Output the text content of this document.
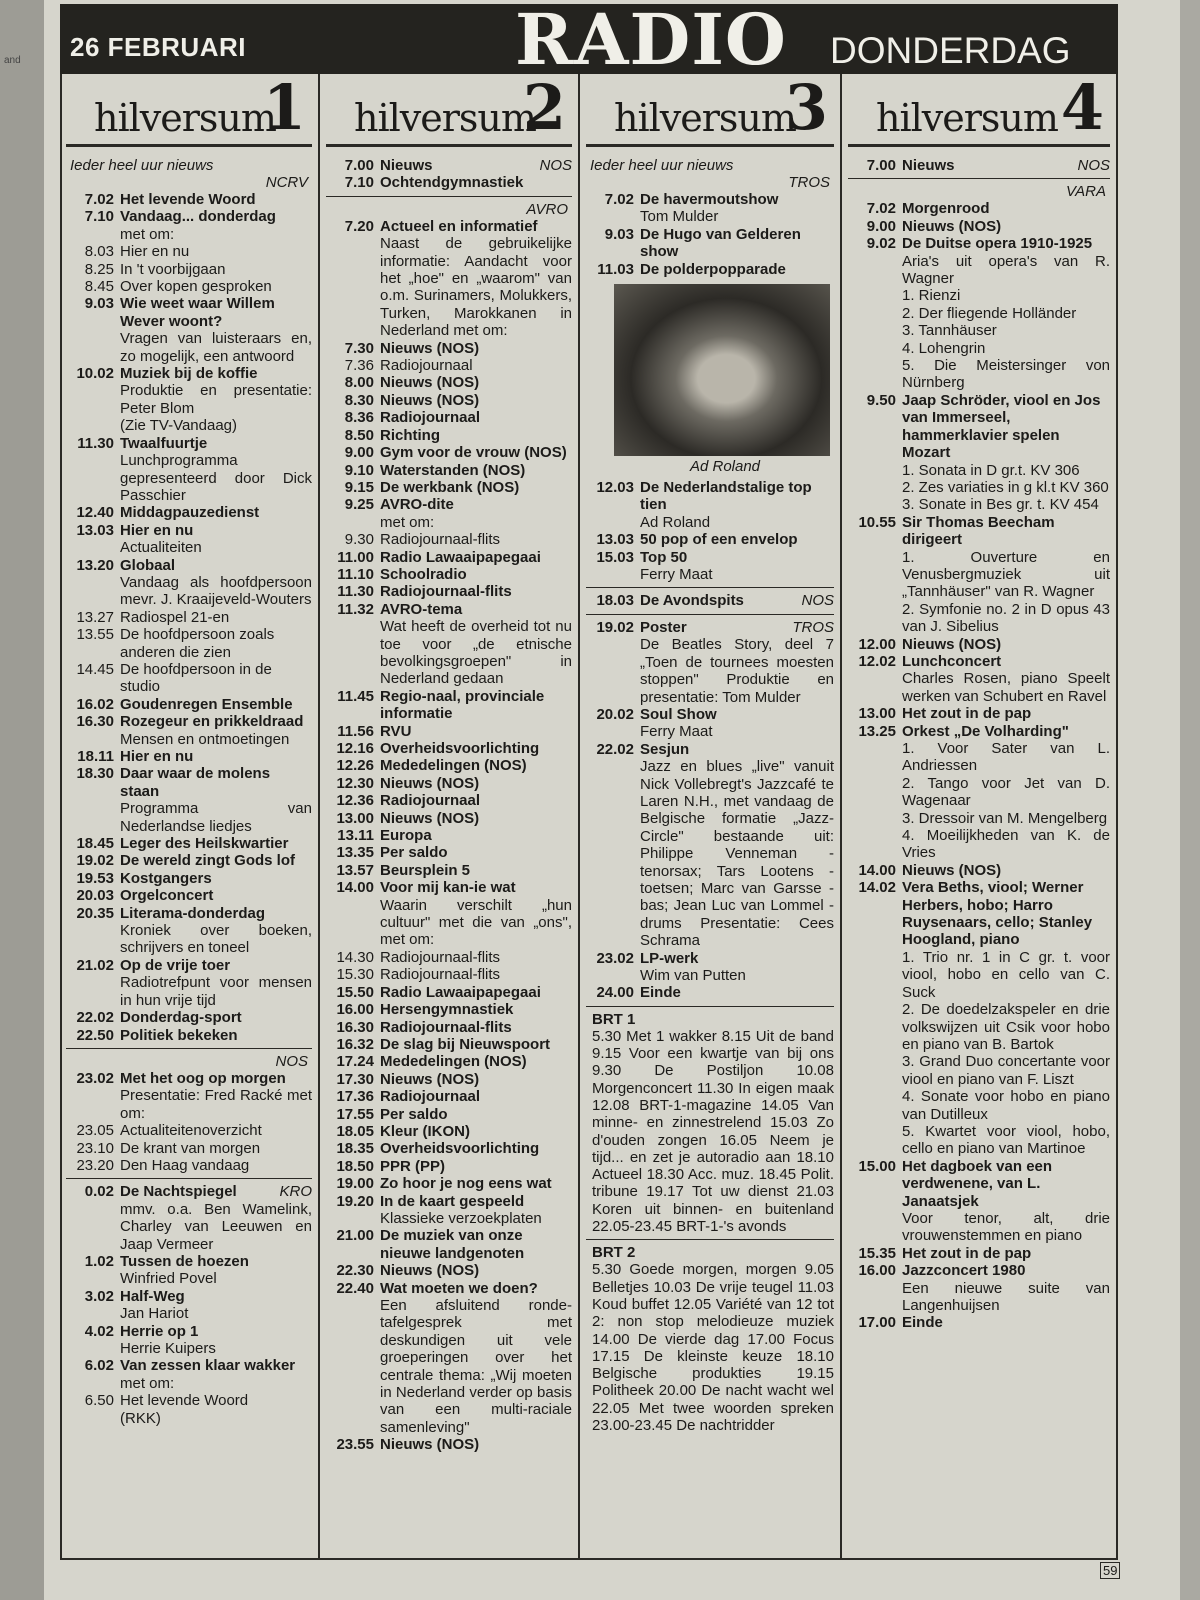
and 26 FEBRUARI	RADIO DONDERDAG
hilversum
1
Ieder heel uur nieuws
NCRV
7.02 Het levende Woord
7.10 Vandaag... donderdag
met om:
8.03 Hier en nu
8.25 In 't voorbijgaan
8.45 Over kopen gesproken
9.03 Wie weet waar Willem Wever woont?
Vragen van luisteraars en, zo mogelijk, een antwoord
10.02 Muziek bij de koffie
Produktie en presentatie: Peter Blom
(Zie TV-Vandaag)
11.30 Twaalfuurtje
Lunchprogramma gepresenteerd door Dick Passchier
12.40 Middagpauzedienst
13.03 Hier en nu
Actualiteiten
13.20 Globaal
Vandaag als hoofdpersoon mevr. J. Kraaijeveld-Wouters
13.27 Radiospel 21-en
13.55 De hoofdpersoon zoals anderen die zien
14.45 De hoofdpersoon in de studio
16.02 Goudenregen Ensemble
16.30 Rozegeur en prikkeldraad
Mensen en ontmoetingen
18.11 Hier en nu
18.30 Daar waar de molens staan
Programma van Nederlandse liedjes
18.45 Leger des Heilskwartier
19.02 De wereld zingt Gods lof
19.53 Kostgangers
20.03 Orgelconcert
20.35 Literama-donderdag
Kroniek over boeken, schrijvers en toneel
21.02 Op de vrije toer
Radiotrefpunt voor mensen in hun vrije tijd
22.02 Donderdag-sport
22.50 Politiek bekeken
NOS
23.02 Met het oog op morgen
Presentatie: Fred Racké met om:
23.05 Actualiteitenoverzicht
23.10 De krant van morgen
23.20 Den Haag vandaag
0.02 De Nachtspiegel	KRO
mmv. o.a. Ben Wamelink, Charley van Leeuwen en Jaap Vermeer
1.02 Tussen de hoezen
Winfried Povel
3.02 Half-Weg
Jan Hariot
4.02 Herrie op 1
Herrie Kuipers
6.02 Van zessen klaar wakker
met om:
6.50 Het levende Woord
(RKK)
hilversum
2
7.00 Nieuws	NOS
7.10 Ochtendgymnastiek
AVRO
7.20 Actueel en informatief
Naast de gebruikelijke informatie: Aandacht voor het „hoe" en „waarom" van o.m. Surinamers, Molukkers, Turken, Marokkanen in Nederland met om:
7.30 Nieuws (NOS)
7.36 Radiojournaal
8.00 Nieuws (NOS)
8.30 Nieuws (NOS)
8.36 Radiojournaal
8.50 Richting
9.00 Gym voor de vrouw (NOS)
9.10 Waterstanden (NOS)
9.15 De werkbank (NOS)
9.25 AVRO-dite
met om:
9.30 Radiojournaal-flits
11.00 Radio Lawaaipapegaai
11.10 Schoolradio
11.30 Radiojournaal-flits
11.32 AVRO-tema
Wat heeft de overheid tot nu toe voor „de etnische bevolkingsgroepen" in Nederland gedaan
11.45 Regio-naal, provinciale informatie
11.56 RVU
12.16 Overheidsvoorlichting
12.26 Mededelingen (NOS)
12.30 Nieuws (NOS)
12.36 Radiojournaal
13.00 Nieuws (NOS)
13.11 Europa
13.35 Per saldo
13.57 Beursplein 5
14.00 Voor mij kan-ie wat
Waarin verschilt „hun cultuur" met die van „ons", met om:
14.30 Radiojournaal-flits
15.30 Radiojournaal-flits
15.50 Radio Lawaaipapegaai
16.00 Hersengymnastiek
16.30 Radiojournaal-flits
16.32 De slag bij Nieuwspoort
17.24 Mededelingen (NOS)
17.30 Nieuws (NOS)
17.36 Radiojournaal
17.55 Per saldo
18.05 Kleur (IKON)
18.35 Overheidsvoorlichting
18.50 PPR (PP)
19.00 Zo hoor je nog eens wat
19.20 In de kaart gespeeld
Klassieke verzoekplaten
21.00 De muziek van onze nieuwe landgenoten
22.30 Nieuws (NOS)
22.40 Wat moeten we doen?
Een afsluitend ronde-tafelgesprek met deskundigen uit vele groeperingen over het centrale thema: „Wij moeten in Nederland verder op basis van een multi-raciale samenleving"
23.55 Nieuws (NOS)
hilversum
3
Ieder heel uur nieuws
TROS
7.02 De havermoutshow
Tom Mulder
9.03 De Hugo van Gelderen show
11.03 De polderpopparade
Ad Roland
12.03 De Nederlandstalige top tien
Ad Roland
13.03 50 pop of een envelop
15.03 Top 50
Ferry Maat
18.03 De Avondspits	NOS
19.02 Poster	TROS
De Beatles Story, deel 7 „Toen de tournees moesten stoppen" Produktie en presentatie: Tom Mulder
20.02 Soul Show
Ferry Maat
22.02 Sesjun
Jazz en blues „live" vanuit Nick Vollebregt's Jazzcafé te Laren N.H., met vandaag de Belgische formatie „Jazz-Circle" bestaande uit: Philippe Venneman - tenorsax; Tars Lootens - toetsen; Marc van Garsse - bas; Jean Luc van Lommel - drums Presentatie: Cees Schrama
23.02 LP-werk
Wim van Putten
24.00 Einde
BRT 1
5.30 Met 1 wakker 8.15 Uit de band 9.15 Voor een kwartje van bij ons 9.30 De Postiljon 10.08 Morgenconcert 11.30 In eigen maak 12.08 BRT-1-magazine 14.05 Van minne- en zinnestrelend 15.03 Zo d'ouden zongen 16.05 Neem je tijd... en zet je autoradio aan 18.10 Actueel 18.30 Acc. muz. 18.45 Polit. tribune 19.17 Tot uw dienst 21.03 Koren uit binnen- en buitenland 22.05-23.45 BRT-1-'s avonds
BRT 2
5.30 Goede morgen, morgen 9.05 Belletjes 10.03 De vrije teugel 11.03 Koud buffet 12.05 Variété van 12 tot 2: non stop melodieuze muziek 14.00 De vierde dag 17.00 Focus 17.15 De kleinste keuze 18.10 Belgische produkties 19.15 Politheek 20.00 De nacht wacht wel 22.05 Met twee woorden spreken 23.00-23.45 De nachtridder
hilversum 4
7.00 Nieuws	NOS
VARA
7.02 Morgenrood
9.00 Nieuws (NOS)
9.02 De Duitse opera 1910-1925
Aria's uit opera's van R. Wagner
1. Rienzi
2. Der fliegende Holländer
3. Tannhäuser
4. Lohengrin
5. Die Meistersinger von Nürnberg
9.50 Jaap Schröder, viool en Jos van Immerseel, hammerklavier spelen Mozart
1. Sonata in D gr.t. KV 306
2. Zes variaties in g kl.t KV 360
3. Sonate in Bes gr. t. KV 454
10.55 Sir Thomas Beecham dirigeert
1. Ouverture en Venusbergmuziek uit „Tannhäuser" van R. Wagner
2. Symfonie no. 2 in D opus 43 van J. Sibelius
12.00 Nieuws (NOS)
12.02 Lunchconcert
Charles Rosen, piano Speelt werken van Schubert en Ravel
13.00 Het zout in de pap
13.25 Orkest „De Volharding"
1. Voor Sater van L. Andriessen
2. Tango voor Jet van D. Wagenaar
3. Dressoir van M. Mengelberg
4. Moeilijkheden van K. de Vries
14.00 Nieuws (NOS)
14.02 Vera Beths, viool; Werner Herbers, hobo; Harro Ruysenaars, cello; Stanley Hoogland, piano
1. Trio nr. 1 in C gr. t. voor viool, hobo en cello van C. Suck
2. De doedelzakspeler en drie volkswijzen uit Csik voor hobo en piano van B. Bartok
3. Grand Duo concertante voor viool en piano van F. Liszt
4. Sonate voor hobo en piano van Dutilleux
5. Kwartet voor viool, hobo, cello en piano van Martinoe
15.00 Het dagboek van een verdwenene, van L. Janaatsjek
Voor tenor, alt, drie vrouwenstemmen en piano
15.35 Het zout in de pap
16.00 Jazzconcert 1980
Een nieuwe suite van Langenhuijsen
17.00 Einde
59
